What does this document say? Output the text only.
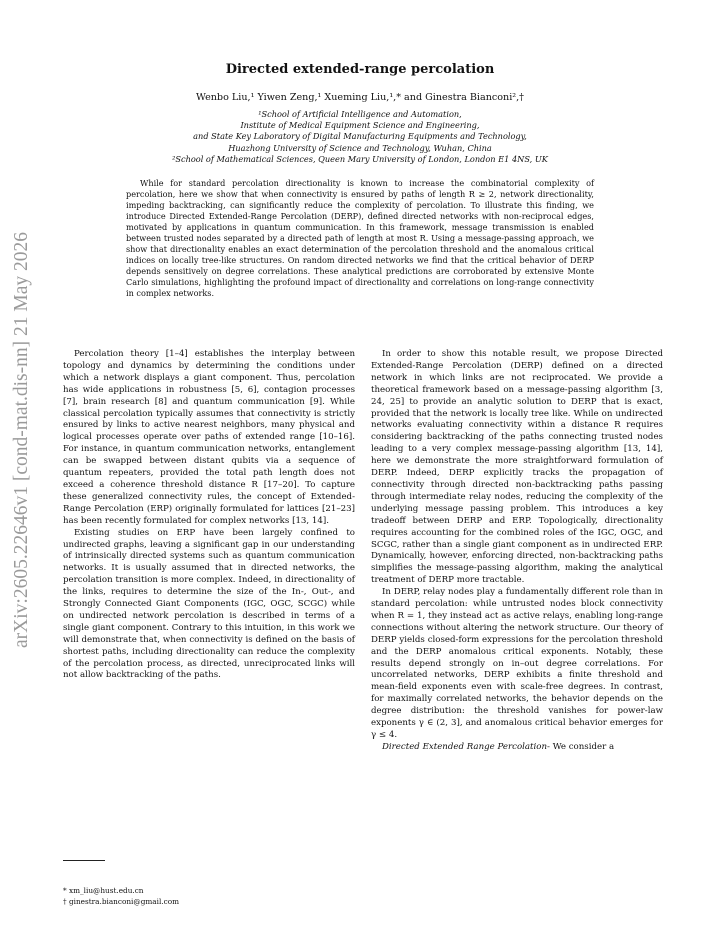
arXiv:2605.22646v1 [cond-mat.dis-nn] 21 May 2026
Directed extended-range percolation
Wenbo Liu,¹ Yiwen Zeng,¹ Xueming Liu,¹,* and Ginestra Bianconi²,†
¹School of Artificial Intelligence and Automation,
Institute of Medical Equipment Science and Engineering,
and State Key Laboratory of Digital Manufacturing Equipments and Technology,
Huazhong University of Science and Technology, Wuhan, China
²School of Mathematical Sciences, Queen Mary University of London, London E1 4NS, UK

While for standard percolation directionality is known to increase the combinatorial complexity of percolation, here we show that when connectivity is ensured by paths of length R ≥ 2, network directionality, impeding backtracking, can significantly reduce the complexity of percolation. To illustrate this finding, we introduce Directed Extended-Range Percolation (DERP), defined directed networks with non-reciprocal edges, motivated by applications in quantum communication. In this framework, message transmission is enabled between trusted nodes separated by a directed path of length at most R. Using a message-passing approach, we show that directionality enables an exact determination of the percolation threshold and the anomalous critical indices on locally tree-like structures. On random directed networks we find that the critical behavior of DERP depends sensitively on degree correlations. These analytical predictions are corroborated by extensive Monte Carlo simulations, highlighting the profound impact of directionality and correlations on long-range connectivity in complex networks.

Percolation theory [1–4] establishes the interplay between topology and dynamics by determining the conditions under which a network displays a giant component. Thus, percolation has wide applications in robustness [5, 6], contagion processes [7], brain research [8] and quantum communication [9]. While classical percolation typically assumes that connectivity is strictly ensured by links to active nearest neighbors, many physical and logical processes operate over paths of extended range [10–16]. For instance, in quantum communication networks, entanglement can be swapped between distant qubits via a sequence of quantum repeaters, provided the total path length does not exceed a coherence threshold distance R [17–20]. To capture these generalized connectivity rules, the concept of Extended-Range Percolation (ERP) originally formulated for lattices [21–23] has been recently formulated for complex networks [13, 14].

Existing studies on ERP have been largely confined to undirected graphs, leaving a significant gap in our understanding of intrinsically directed systems such as quantum communication networks. It is usually assumed that in directed networks, the percolation transition is more complex. Indeed, in directionality of the links, requires to determine the size of the In-, Out-, and Strongly Connected Giant Components (IGC, OGC, SCGC) while on undirected network percolation is described in terms of a single giant component. Contrary to this intuition, in this work we will demonstrate that, when connectivity is defined on the basis of shortest paths, including directionality can reduce the complexity of the percolation process, as directed, unreciprocated links will not allow backtracking of the paths.

In order to show this notable result, we propose Directed Extended-Range Percolation (DERP) defined on a directed network in which links are not reciprocated. We provide a theoretical framework based on a message-passing algorithm [3, 24, 25] to provide an analytic solution to DERP that is exact, provided that the network is locally tree like. While on undirected networks evaluating connectivity within a distance R requires considering backtracking of the paths connecting trusted nodes leading to a very complex message-passing algorithm [13, 14], here we demonstrate the more straightforward formulation of DERP. Indeed, DERP explicitly tracks the propagation of connectivity through directed non-backtracking paths passing through intermediate relay nodes, reducing the complexity of the underlying message passing problem. This introduces a key tradeoff between DERP and ERP. Topologically, directionality requires accounting for the combined roles of the IGC, OGC, and SCGC, rather than a single giant component as in undirected ERP. Dynamically, however, enforcing directed, non-backtracking paths simplifies the message-passing algorithm, making the analytical treatment of DERP more tractable.

In DERP, relay nodes play a fundamentally different role than in standard percolation: while untrusted nodes block connectivity when R = 1, they instead act as active relays, enabling long-range connections without altering the network structure. Our theory of DERP yields closed-form expressions for the percolation threshold and the DERP anomalous critical exponents. Notably, these results depend strongly on in–out degree correlations. For uncorrelated networks, DERP exhibits a finite threshold and mean-field exponents even with scale-free degrees. In contrast, for maximally correlated networks, the behavior depends on the degree distribution: the threshold vanishes for power-law exponents γ ∈ (2, 3], and anomalous critical behavior emerges for γ ≤ 4.

Directed Extended Range Percolation- We consider a

* xm_liu@hust.edu.cn
† ginestra.bianconi@gmail.com
